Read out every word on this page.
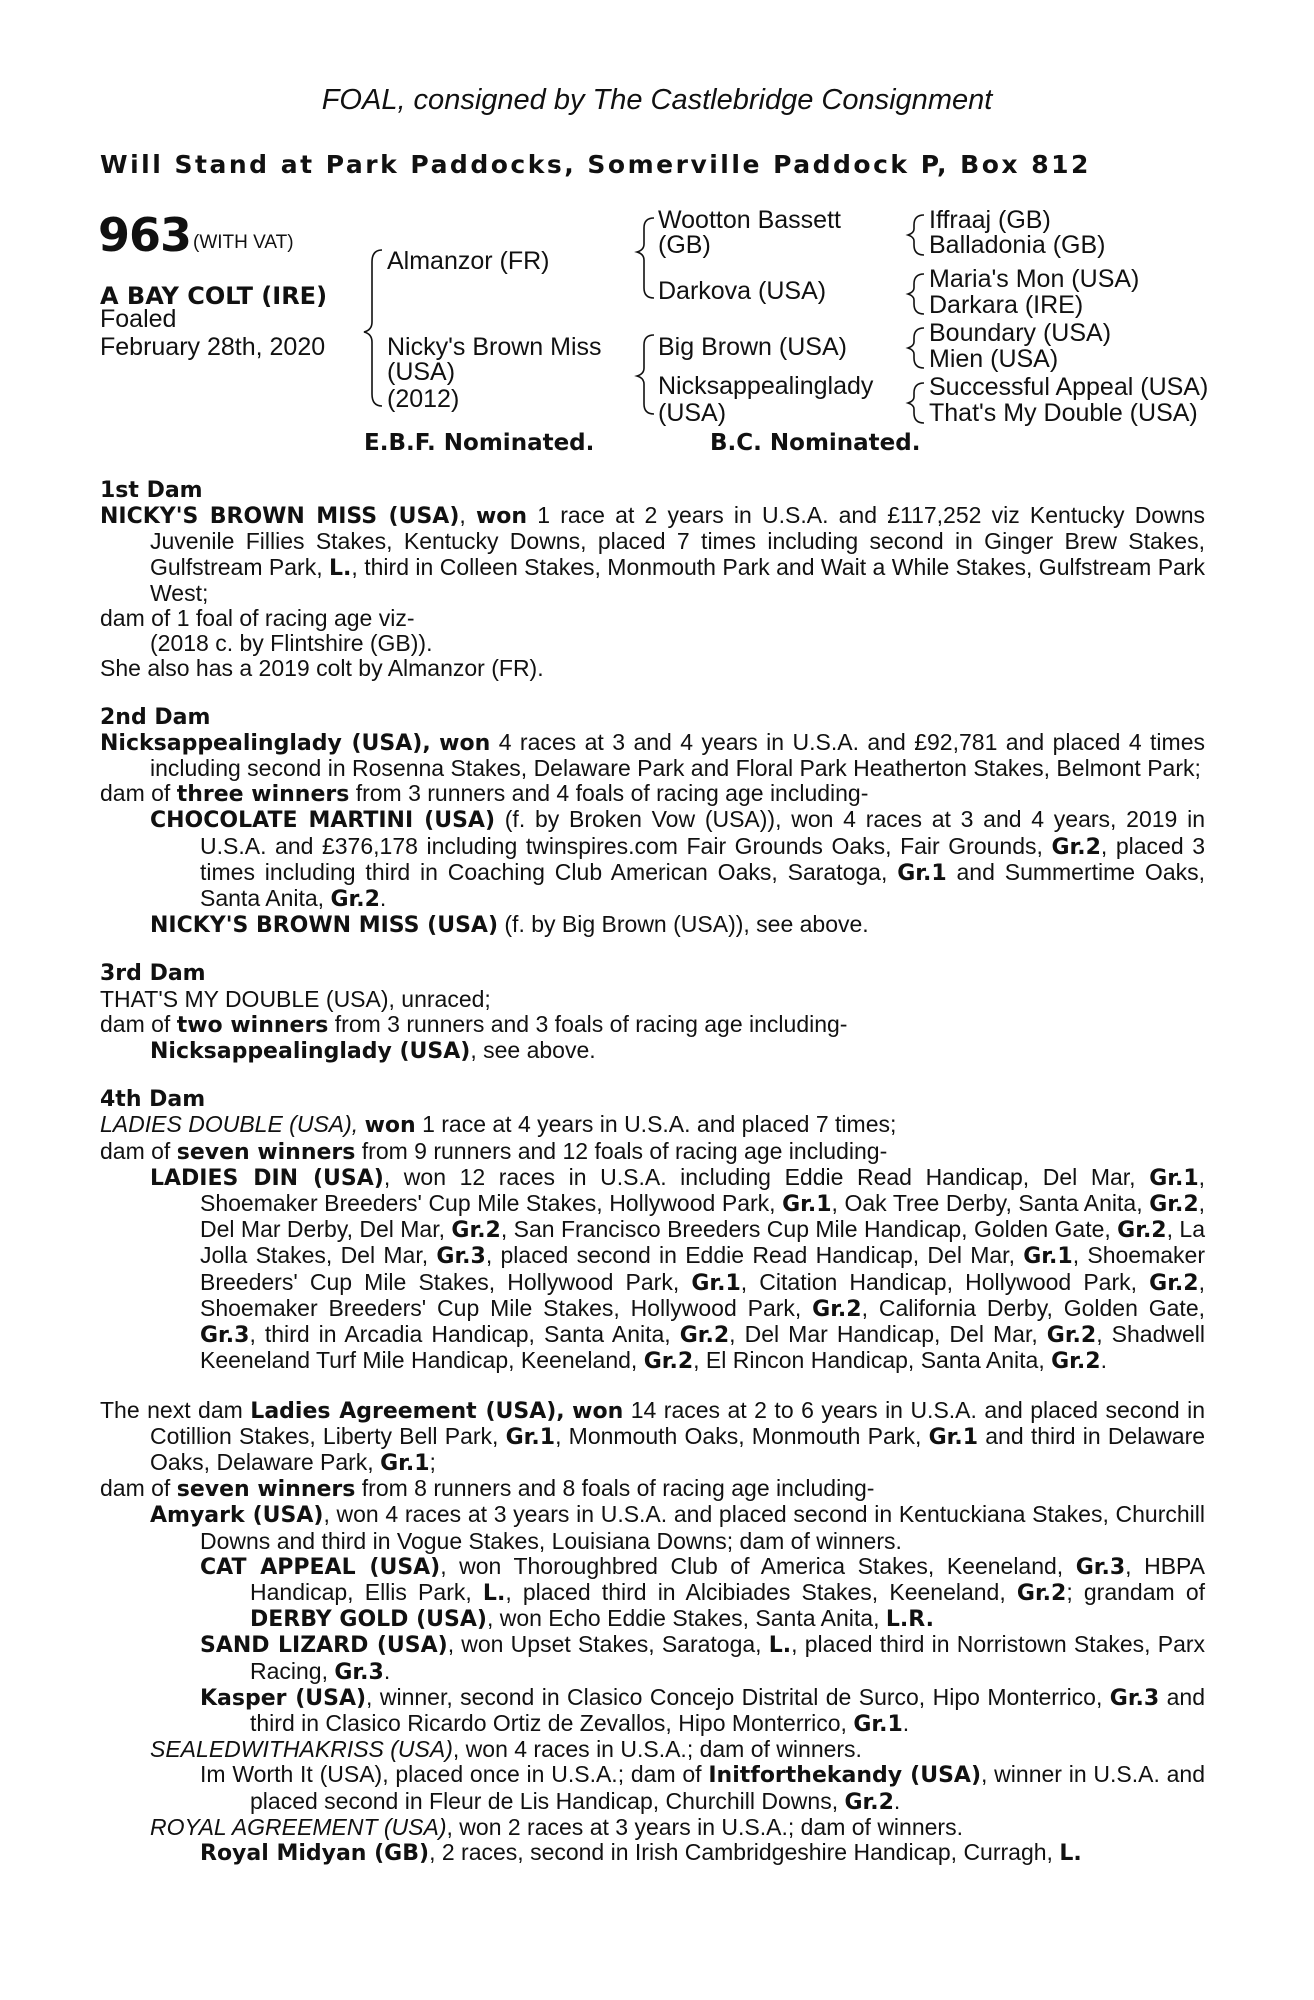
FOAL, consigned by The Castlebridge Consignment
Will Stand at Park Paddocks, Somerville Paddock P, Box 812
963 (WITH VAT)
A BAY COLT (IRE)
Foaled
February 28th, 2020
Almanzor (FR)
Nicky's Brown Miss
(USA)
(2012)
Wootton Bassett
(GB)
Darkova (USA)
Big Brown (USA)
Nicksappealinglady
(USA)
Iffraaj (GB)
Balladonia (GB)
Maria's Mon (USA)
Darkara (IRE)
Boundary (USA)
Mien (USA)
Successful Appeal (USA)
That's My Double (USA)
E.B.F. Nominated.	B.C. Nominated.

1st Dam

NICKY'S BROWN MISS (USA), won 1 race at 2 years in U.S.A. and £117,252 viz Kentucky Downs Juvenile Fillies Stakes, Kentucky Downs, placed 7 times including second in Ginger Brew Stakes, Gulfstream Park, L., third in Colleen Stakes, Monmouth Park and Wait a While Stakes, Gulfstream Park West;

dam of 1 foal of racing age viz-

(2018 c. by Flintshire (GB)).

She also has a 2019 colt by Almanzor (FR).

2nd Dam

Nicksappealinglady (USA), won 4 races at 3 and 4 years in U.S.A. and £92,781 and placed 4 times including second in Rosenna Stakes, Delaware Park and Floral Park Heatherton Stakes, Belmont Park;

dam of three winners from 3 runners and 4 foals of racing age including-

CHOCOLATE MARTINI (USA) (f. by Broken Vow (USA)), won 4 races at 3 and 4 years, 2019 in U.S.A. and £376,178 including twinspires.com Fair Grounds Oaks, Fair Grounds, Gr.2, placed 3 times including third in Coaching Club American Oaks, Saratoga, Gr.1 and Summertime Oaks, Santa Anita, Gr.2.

NICKY'S BROWN MISS (USA) (f. by Big Brown (USA)), see above.

3rd Dam

THAT'S MY DOUBLE (USA), unraced;

dam of two winners from 3 runners and 3 foals of racing age including-

Nicksappealinglady (USA), see above.

4th Dam

LADIES DOUBLE (USA), won 1 race at 4 years in U.S.A. and placed 7 times;

dam of seven winners from 9 runners and 12 foals of racing age including-

LADIES DIN (USA), won 12 races in U.S.A. including Eddie Read Handicap, Del Mar, Gr.1, Shoemaker Breeders' Cup Mile Stakes, Hollywood Park, Gr.1, Oak Tree Derby, Santa Anita, Gr.2, Del Mar Derby, Del Mar, Gr.2, San Francisco Breeders Cup Mile Handicap, Golden Gate, Gr.2, La Jolla Stakes, Del Mar, Gr.3, placed second in Eddie Read Handicap, Del Mar, Gr.1, Shoemaker Breeders' Cup Mile Stakes, Hollywood Park, Gr.1, Citation Handicap, Hollywood Park, Gr.2, Shoemaker Breeders' Cup Mile Stakes, Hollywood Park, Gr.2, California Derby, Golden Gate, Gr.3, third in Arcadia Handicap, Santa Anita, Gr.2, Del Mar Handicap, Del Mar, Gr.2, Shadwell Keeneland Turf Mile Handicap, Keeneland, Gr.2, El Rincon Handicap, Santa Anita, Gr.2.

The next dam Ladies Agreement (USA), won 14 races at 2 to 6 years in U.S.A. and placed second in Cotillion Stakes, Liberty Bell Park, Gr.1, Monmouth Oaks, Monmouth Park, Gr.1 and third in Delaware Oaks, Delaware Park, Gr.1;

dam of seven winners from 8 runners and 8 foals of racing age including-

Amyark (USA), won 4 races at 3 years in U.S.A. and placed second in Kentuckiana Stakes, Churchill Downs and third in Vogue Stakes, Louisiana Downs; dam of winners.

CAT APPEAL (USA), won Thoroughbred Club of America Stakes, Keeneland, Gr.3, HBPA Handicap, Ellis Park, L., placed third in Alcibiades Stakes, Keeneland, Gr.2; grandam of DERBY GOLD (USA), won Echo Eddie Stakes, Santa Anita, L.R.

SAND LIZARD (USA), won Upset Stakes, Saratoga, L., placed third in Norristown Stakes, Parx Racing, Gr.3.

Kasper (USA), winner, second in Clasico Concejo Distrital de Surco, Hipo Monterrico, Gr.3 and third in Clasico Ricardo Ortiz de Zevallos, Hipo Monterrico, Gr.1.

SEALEDWITHAKRISS (USA), won 4 races in U.S.A.; dam of winners.

Im Worth It (USA), placed once in U.S.A.; dam of Initforthekandy (USA), winner in U.S.A. and placed second in Fleur de Lis Handicap, Churchill Downs, Gr.2.

ROYAL AGREEMENT (USA), won 2 races at 3 years in U.S.A.; dam of winners.

Royal Midyan (GB), 2 races, second in Irish Cambridgeshire Handicap, Curragh, L.
